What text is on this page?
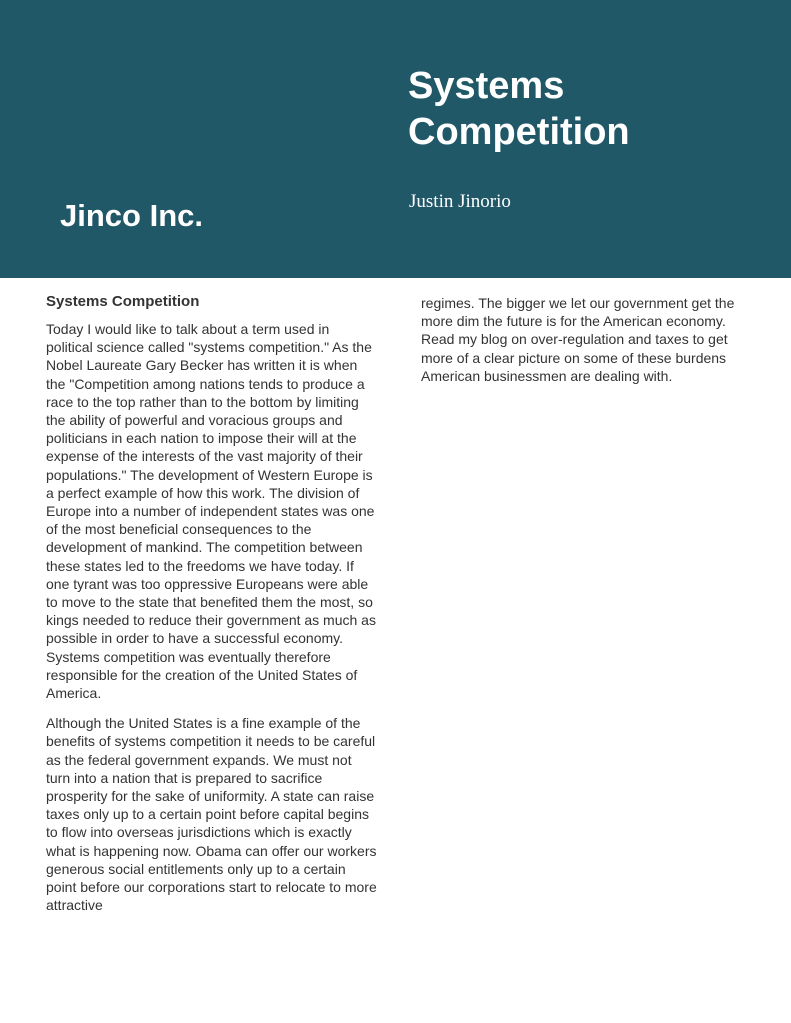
Jinco Inc.
Systems
Competition
Justin Jinorio
Systems Competition

Today I would like to talk about a term used in political science called "systems competition." As the Nobel Laureate Gary Becker has written it is when the "Competition among nations tends to produce a race to the top rather than to the bottom by limiting the ability of powerful and voracious groups and politicians in each nation to impose their will at the expense of the interests of the vast majority of their populations." The development of Western Europe is a perfect example of how this work. The division of Europe into a number of independent states was one of the most beneficial consequences to the development of mankind. The competition between these states led to the freedoms we have today. If one tyrant was too oppressive Europeans were able to move to the state that benefited them the most, so kings needed to reduce their government as much as possible in order to have a successful economy. Systems competition was eventually therefore responsible for the creation of the United States of America.

Although the United States is a fine example of the benefits of systems competition it needs to be careful as the federal government expands. We must not turn into a nation that is prepared to sacrifice prosperity for the sake of uniformity. A state can raise taxes only up to a certain point before capital begins to flow into overseas jurisdictions which is exactly what is happening now. Obama can offer our workers generous social entitlements only up to a certain point before our corporations start to relocate to more attractive

regimes. The bigger we let our government get the more dim the future is for the American economy. Read my blog on over-regulation and taxes to get more of a clear picture on some of these burdens American businessmen are dealing with.
